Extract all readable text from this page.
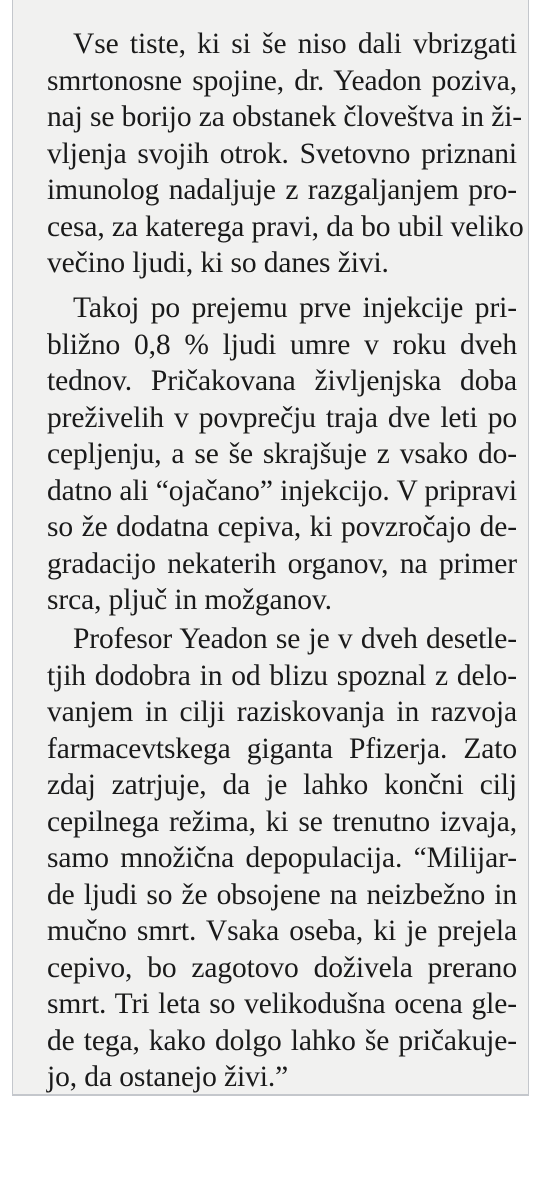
Vse tiste, ki si še niso dali vbrizgati
smrtonosne spojine, dr. Yeadon poziva,
naj se borijo za obstanek človeštva in ži-
vljenja svojih otrok. Svetovno priznani
imunolog nadaljuje z razgaljanjem pro-
cesa, za katerega pravi, da bo ubil veliko
večino ljudi, ki so danes živi.

Takoj po prejemu prve injekcije pri-
bližno 0,8 % ljudi umre v roku dveh
tednov. Pričakovana življenjska doba
preživelih v povprečju traja dve leti po
cepljenju, a se še skrajšuje z vsako do-
datno ali “ojačano” injekcijo. V pripravi
so že dodatna cepiva, ki povzročajo de-
gradacijo nekaterih organov, na primer
srca, pljuč in možganov.

Profesor Yeadon se je v dveh desetle-
tjih dodobra in od blizu spoznal z delo-
vanjem in cilji raziskovanja in razvoja
farmacevtskega giganta Pfizerja. Zato
zdaj zatrjuje, da je lahko končni cilj
cepilnega režima, ki se trenutno izvaja,
samo množična depopulacija. “Milijar-
de ljudi so že obsojene na neizbežno in
mučno smrt. Vsaka oseba, ki je prejela
cepivo, bo zagotovo doživela prerano
smrt. Tri leta so velikodušna ocena gle-
de tega, kako dolgo lahko še pričakuje-
jo, da ostanejo živi.”
